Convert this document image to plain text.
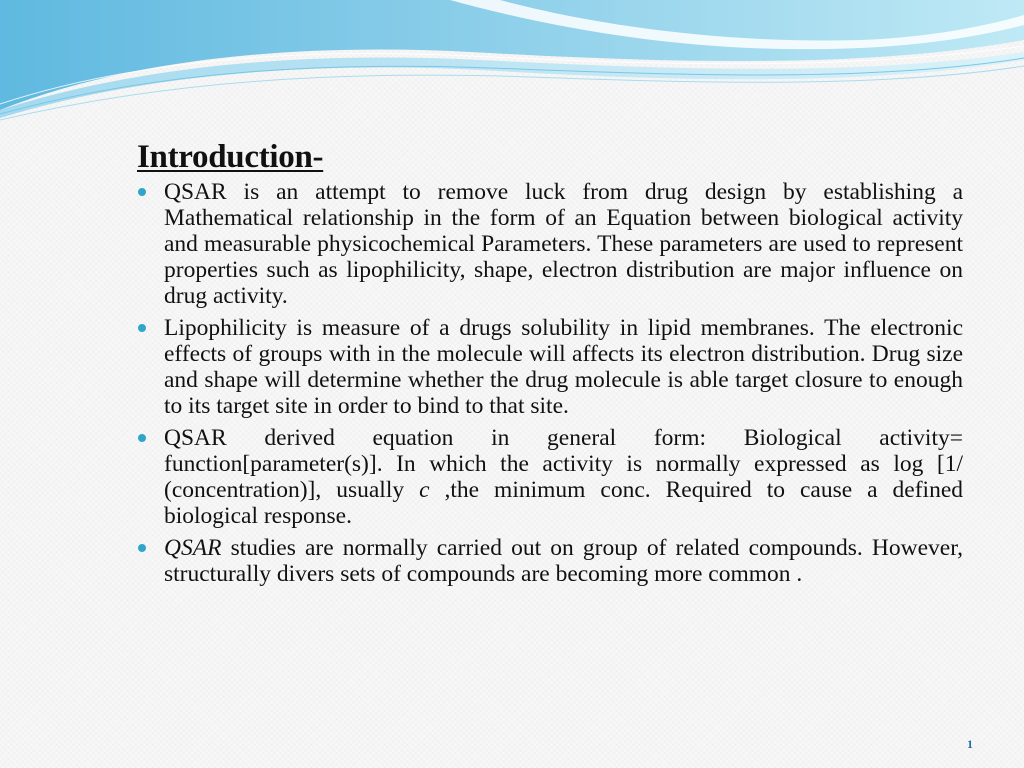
Introduction-
QSAR is an attempt to remove luck from drug design by establishing a Mathematical relationship in the form of an Equation between biological activity and measurable physicochemical Parameters. These parameters are used to represent properties such as lipophilicity, shape, electron distribution are major influence on drug activity.
Lipophilicity is measure of a drugs solubility in lipid membranes. The electronic effects of groups with in the molecule will affects its electron distribution. Drug size and shape will determine whether the drug molecule is able target closure to enough to its target site in order to bind to that site.
QSAR derived equation in general form: Biological activity= function[parameter(s)]. In which the activity is normally expressed as log [1/ (concentration)], usually c ,the minimum conc. Required to cause a defined biological response.
QSAR studies are normally carried out on group of related compounds. However, structurally divers sets of compounds are becoming more common .
1
